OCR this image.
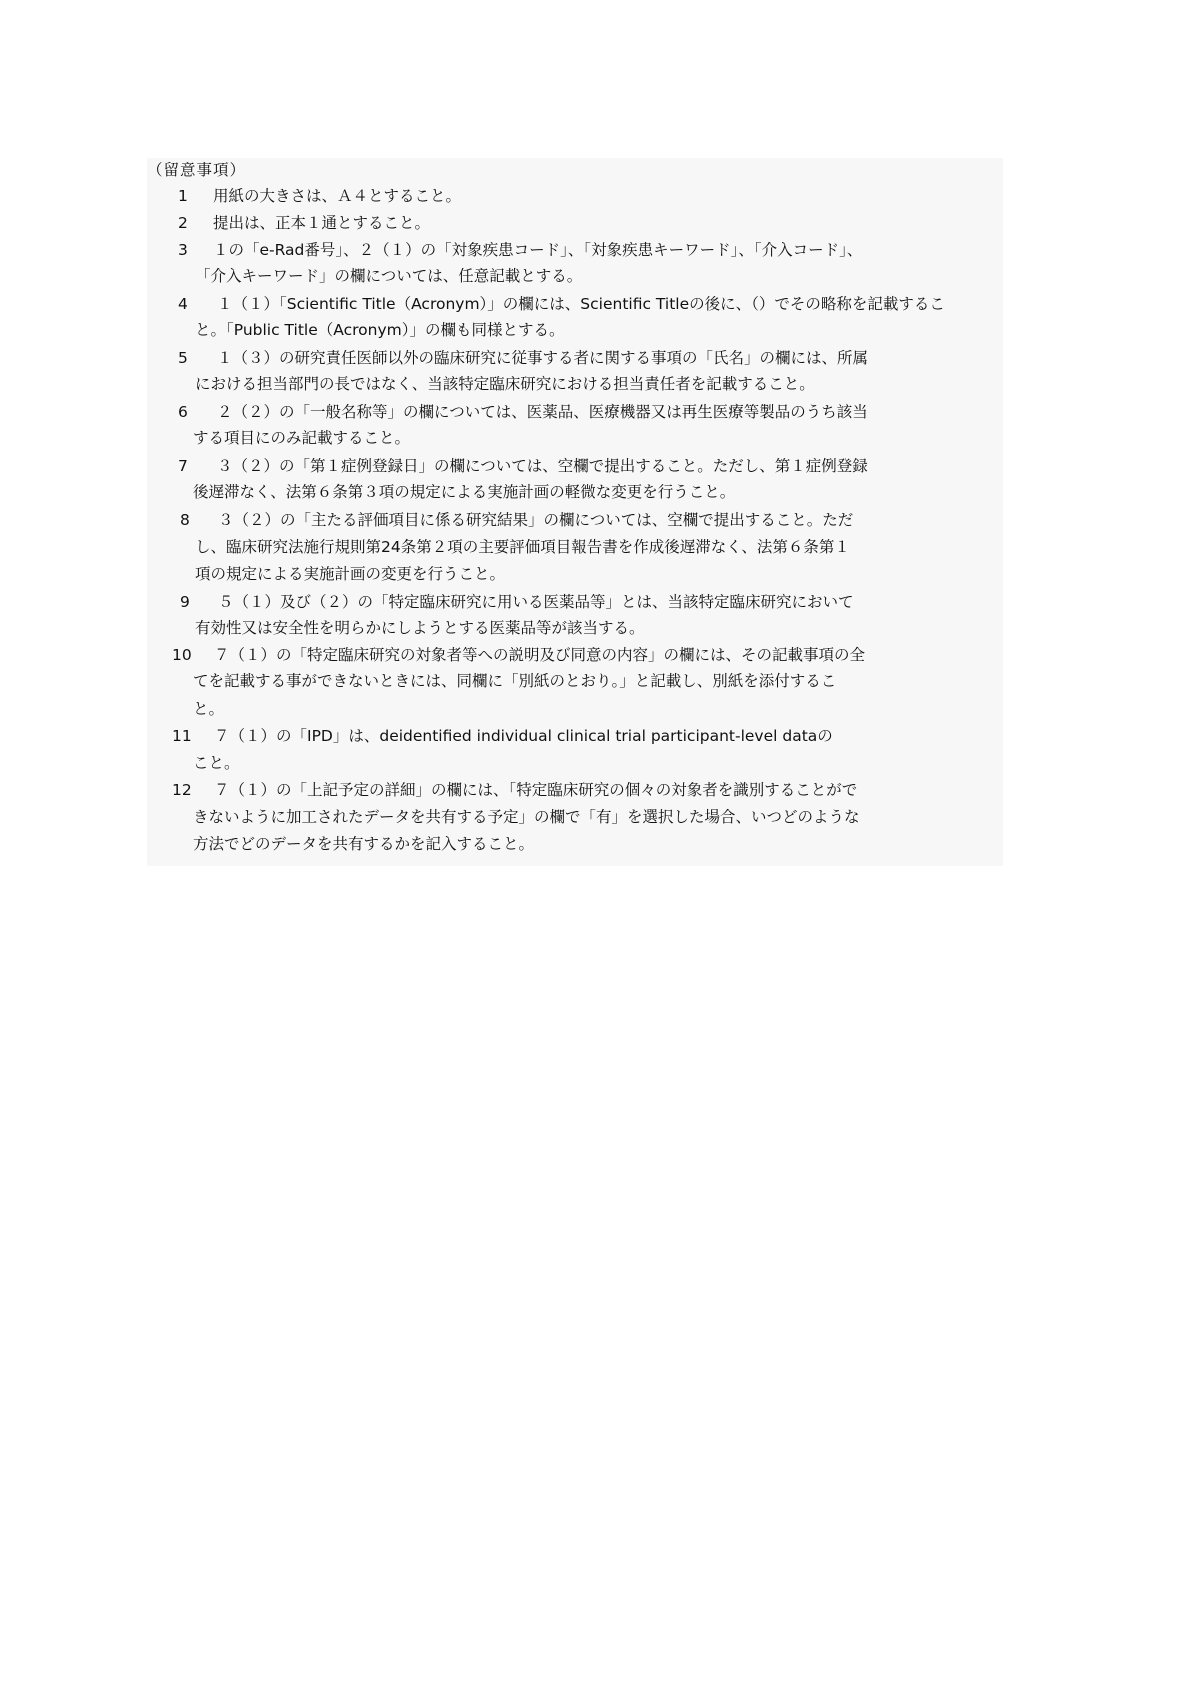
（留意事項）
用紙の大きさは、Ａ４とすること。
1
提出は、正本１通とすること。
2
１の「e-Rad番号」、２（１）の「対象疾患コード」、「対象疾患キーワード」、「介入コード」、
3
「介入キーワード」の欄については、任意記載とする。
１（１）「Scientific Title（Acronym）」の欄には、Scientific Titleの後に、（）でその略称を記載するこ
4
と。「Public Title（Acronym）」の欄も同様とする。
１（３）の研究責任医師以外の臨床研究に従事する者に関する事項の「氏名」の欄には、所属
5
における担当部門の長ではなく、当該特定臨床研究における担当責任者を記載すること。
２（２）の「一般名称等」の欄については、医薬品、医療機器又は再生医療等製品のうち該当
6
する項目にのみ記載すること。
３（２）の「第１症例登録日」の欄については、空欄で提出すること。ただし、第１症例登録
7
後遅滞なく、法第６条第３項の規定による実施計画の軽微な変更を行うこと。
３（２）の「主たる評価項目に係る研究結果」の欄については、空欄で提出すること。ただ
8
し、臨床研究法施行規則第24条第２項の主要評価項目報告書を作成後遅滞なく、法第６条第１
項の規定による実施計画の変更を行うこと。
５（１）及び（２）の「特定臨床研究に用いる医薬品等」とは、当該特定臨床研究において
9
有効性又は安全性を明らかにしようとする医薬品等が該当する。
７（１）の「特定臨床研究の対象者等への説明及び同意の内容」の欄には、その記載事項の全
10
てを記載する事ができないときには、同欄に「別紙のとおり。」と記載し、別紙を添付するこ
と。
７（１）の「IPD」は、deidentified individual clinical trial participant-level dataの
11
こと。
７（１）の「上記予定の詳細」の欄には、「特定臨床研究の個々の対象者を識別することがで
12
きないように加工されたデータを共有する予定」の欄で「有」を選択した場合、いつどのような
方法でどのデータを共有するかを記入すること。
